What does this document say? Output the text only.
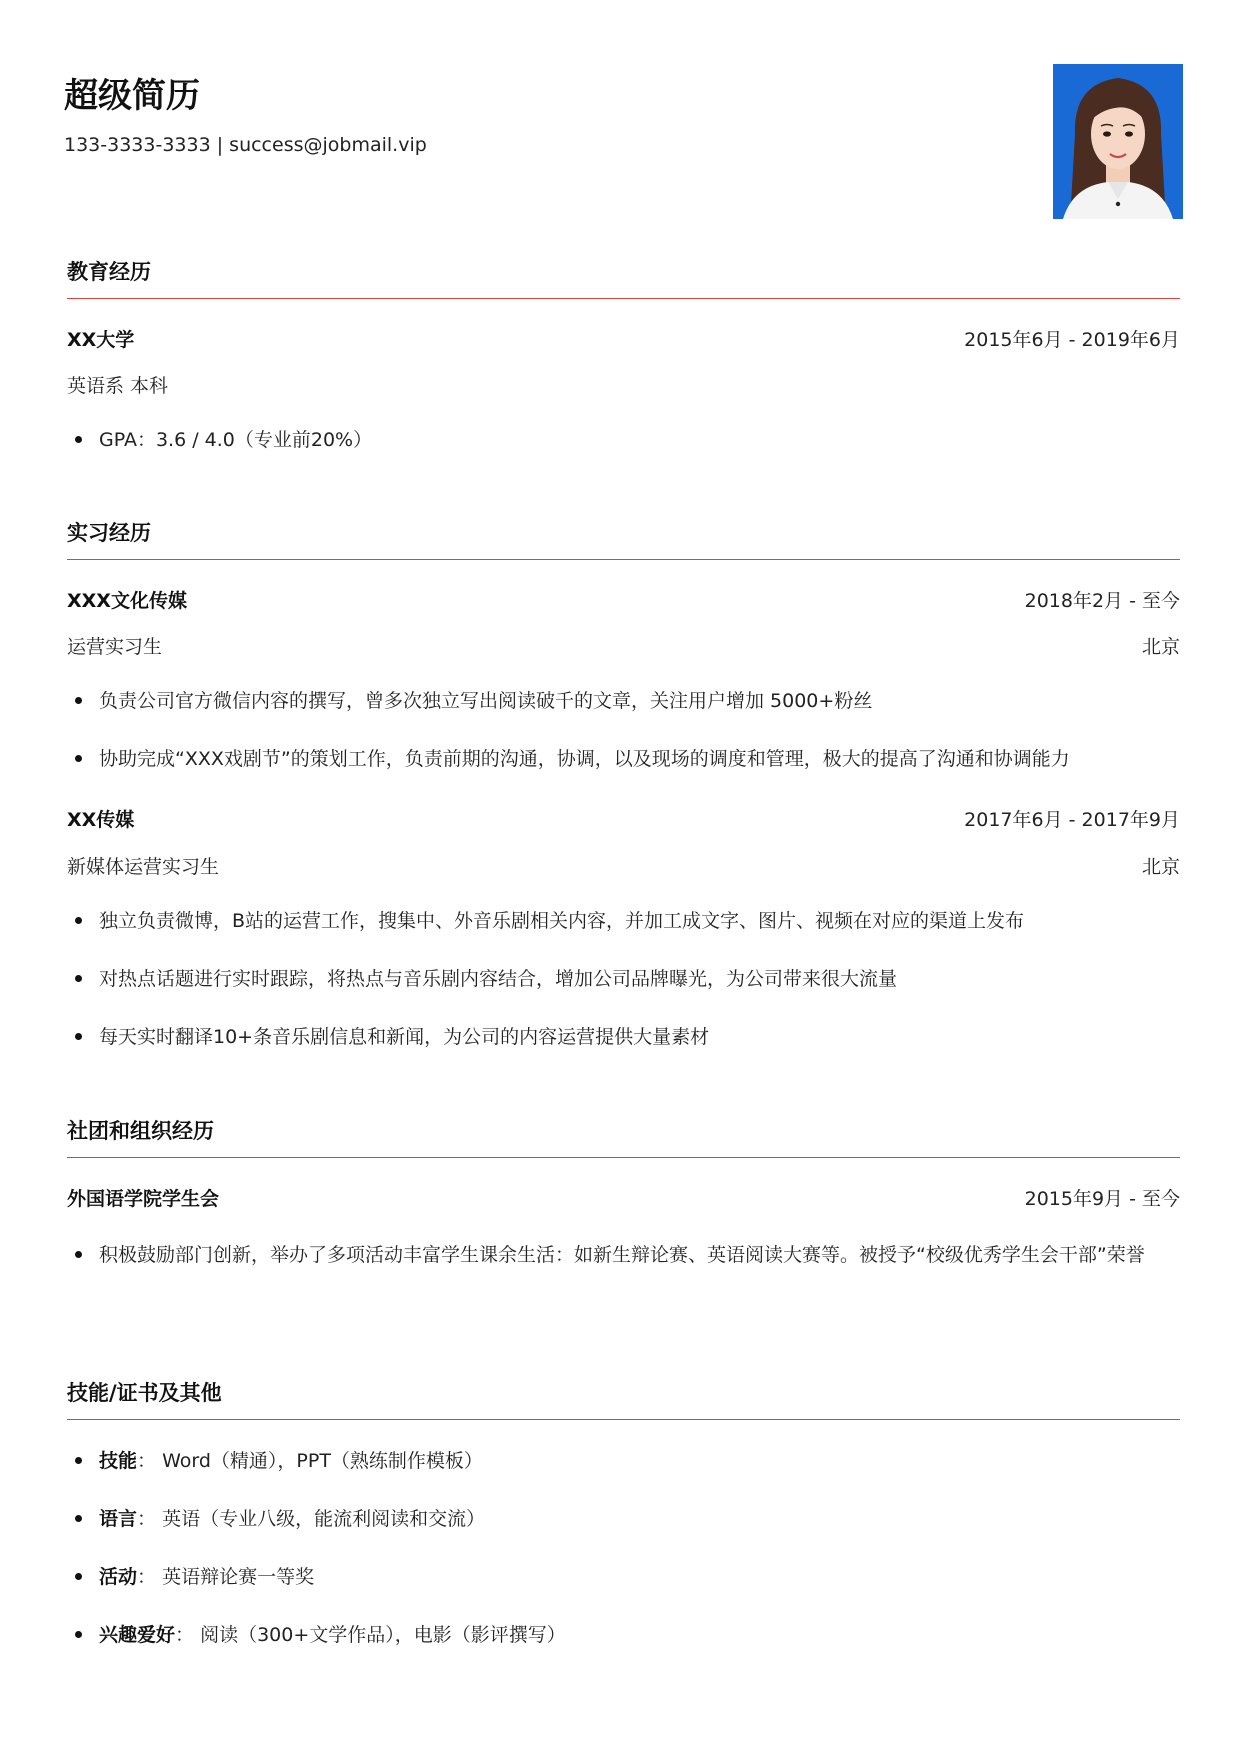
超级简历
133-3333-3333 | success@jobmail.vip
教育经历
XX大学	2015年6月 - 2019年6月
英语系 本科
GPA：3.6 / 4.0（专业前20%）
实习经历
XXX文化传媒	2018年2月 - 至今
运营实习生	北京
负责公司官方微信内容的撰写，曾多次独立写出阅读破千的文章，关注用户增加 5000+粉丝
协助完成“XXX戏剧节”的策划工作，负责前期的沟通，协调，以及现场的调度和管理，极大的提高了沟通和协调能力
XX传媒	2017年6月 - 2017年9月
新媒体运营实习生	北京
独立负责微博，B站的运营工作，搜集中、外音乐剧相关内容，并加工成文字、图片、视频在对应的渠道上发布
对热点话题进行实时跟踪，将热点与音乐剧内容结合，增加公司品牌曝光，为公司带来很大流量
每天实时翻译10+条音乐剧信息和新闻，为公司的内容运营提供大量素材
社团和组织经历
外国语学院学生会	2015年9月 - 至今
积极鼓励部门创新，举办了多项活动丰富学生课余生活：如新生辩论赛、英语阅读大赛等。被授予“校级优秀学生会干部”荣誉
技能/证书及其他
技能： Word（精通），PPT（熟练制作模板）
语言： 英语（专业八级，能流利阅读和交流）
活动： 英语辩论赛一等奖
兴趣爱好： 阅读（300+文学作品），电影（影评撰写）
